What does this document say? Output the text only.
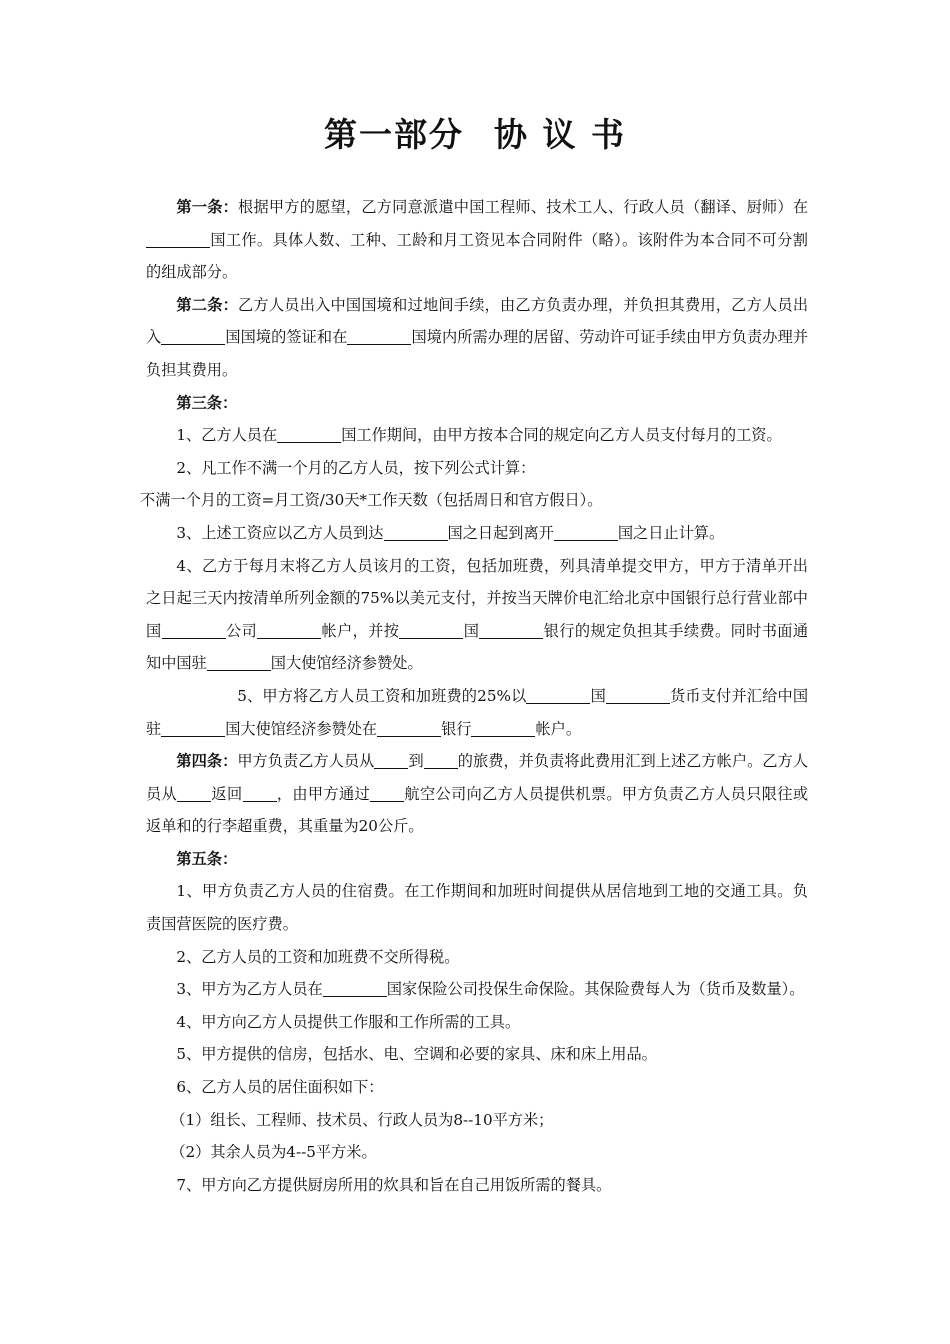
第一部分 协 议 书

第一条：根据甲方的愿望，乙方同意派遣中国工程师、技术工人、行政人员（翻译、厨师）在国工作。具体人数、工种、工龄和月工资见本合同附件（略）。该附件为本合同不可分割的组成部分。

第二条：乙方人员出入中国国境和过地间手续，由乙方负责办理，并负担其费用，乙方人员出入	国国境的签证和在	国境内所需办理的居留、劳动许可证手续由甲方负责办理并负担其费用。

第三条：

1、乙方人员在	国工作期间，由甲方按本合同的规定向乙方人员支付每月的工资。

2、凡工作不满一个月的乙方人员，按下列公式计算：

不满一个月的工资=月工资/30天*工作天数（包括周日和官方假日）。

3、上述工资应以乙方人员到达	国之日起到离开	国之日止计算。

4、乙方于每月末将乙方人员该月的工资，包括加班费，列具清单提交甲方，甲方于清单开出之日起三天内按清单所列金额的75%以美元支付，并按当天牌价电汇给北京中国银行总行营业部中国	公司	帐户，并按	国	银行的规定负担其手续费。同时书面通知中国驻	国大使馆经济参赞处。

5、甲方将乙方人员工资和加班费的25%以	国	货币支付并汇给中国驻	国大使馆经济参赞处在	银行	帐户。

第四条：甲方负责乙方人员从 到 的旅费，并负责将此费用汇到上述乙方帐户。乙方人员从 返回 ，由甲方通过 航空公司向乙方人员提供机票。甲方负责乙方人员只限往或返单和的行李超重费，其重量为20公斤。

第五条：

1、甲方负责乙方人员的住宿费。在工作期间和加班时间提供从居信地到工地的交通工具。负责国营医院的医疗费。

2、乙方人员的工资和加班费不交所得税。

3、甲方为乙方人员在	国家保险公司投保生命保险。其保险费每人为（货币及数量）。

4、甲方向乙方人员提供工作服和工作所需的工具。

5、甲方提供的信房，包括水、电、空调和必要的家具、床和床上用品。

6、乙方人员的居住面积如下：

（1）组长、工程师、技术员、行政人员为8--10平方米；

（2）其余人员为4--5平方米。

7、甲方向乙方提供厨房所用的炊具和旨在自己用饭所需的餐具。
